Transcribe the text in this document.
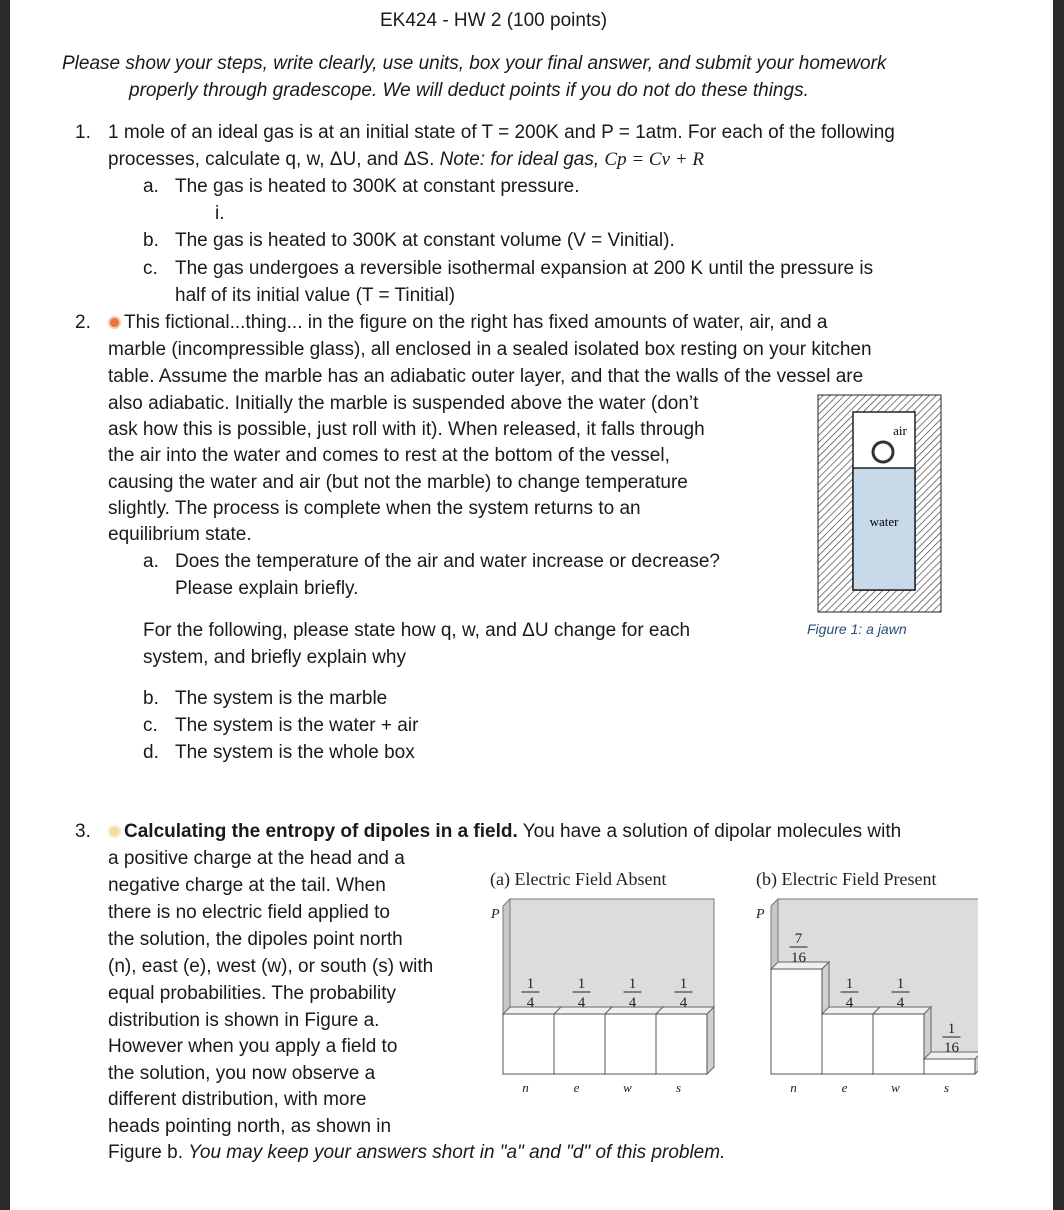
EK424 - HW 2 (100 points)
Please show your steps, write clearly, use units, box your final answer, and submit your homework
properly through gradescope. We will deduct points if you do not do these things.
1. 1 mole of an ideal gas is at an initial state of T = 200K and P = 1atm. For each of the following
processes, calculate q, w, ΔU, and ΔS. Note: for ideal gas, Cp = Cv + R
a. The gas is heated to 300K at constant pressure.
i.
b. The gas is heated to 300K at constant volume (V = Vinitial).
c. The gas undergoes a reversible isothermal expansion at 200 K until the pressure is
half of its initial value (T = Tinitial)
2.	This fictional...thing... in the figure on the right has fixed amounts of water, air, and a
marble (incompressible glass), all enclosed in a sealed isolated box resting on your kitchen
table. Assume the marble has an adiabatic outer layer, and that the walls of the vessel are
also adiabatic. Initially the marble is suspended above the water (don’t
ask how this is possible, just roll with it). When released, it falls through
the air into the water and comes to rest at the bottom of the vessel,
causing the water and air (but not the marble) to change temperature
slightly. The process is complete when the system returns to an
equilibrium state.
a. Does the temperature of the air and water increase or decrease?
Please explain briefly.
For the following, please state how q, w, and ΔU change for each
system, and briefly explain why
b. The system is the marble
c. The system is the water + air
d. The system is the whole box
air
water
Figure 1: a jawn
3.	Calculating the entropy of dipoles in a field. You have a solution of dipolar molecules with
a positive charge at the head and a
negative charge at the tail. When
there is no electric field applied to
the solution, the dipoles point north
(n), east (e), west (w), or south (s) with
equal probabilities. The probability
distribution is shown in Figure a.
However when you apply a field to
the solution, you now observe a
different distribution, with more
heads pointing north, as shown in
Figure b. You may keep your answers short in "a" and "d" of this problem.
(a) Electric Field Absent
P
1
4
n
1
4
e
1
4
w
1
4
s
(b) Electric Field Present
P
7
16
n
1
4
e
1
4
w
1
16
s
